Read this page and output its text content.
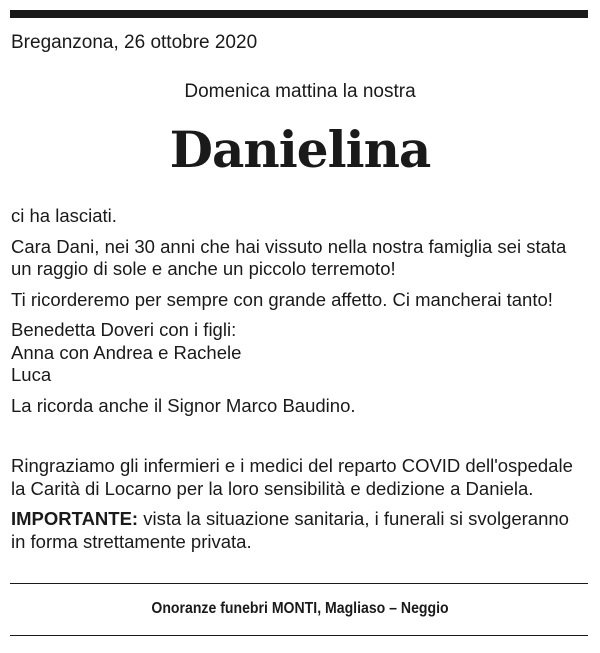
Breganzona, 26 ottobre 2020
Domenica mattina la nostra
Danielina

ci ha lasciati.

Cara Dani, nei 30 anni che hai vissuto nella nostra famiglia sei stata
un raggio di sole e anche un piccolo terremoto!

Ti ricorderemo per sempre con grande affetto. Ci mancherai tanto!

Benedetta Doveri con i figli:
Anna con Andrea e Rachele
Luca

La ricorda anche il Signor Marco Baudino.

Ringraziamo gli infermieri e i medici del reparto COVID dell'ospedale
la Carità di Locarno per la loro sensibilità e dedizione a Daniela.

IMPORTANTE: vista la situazione sanitaria, i funerali si svolgeranno
in forma strettamente privata.

Onoranze funebri MONTI, Magliaso – Neggio
